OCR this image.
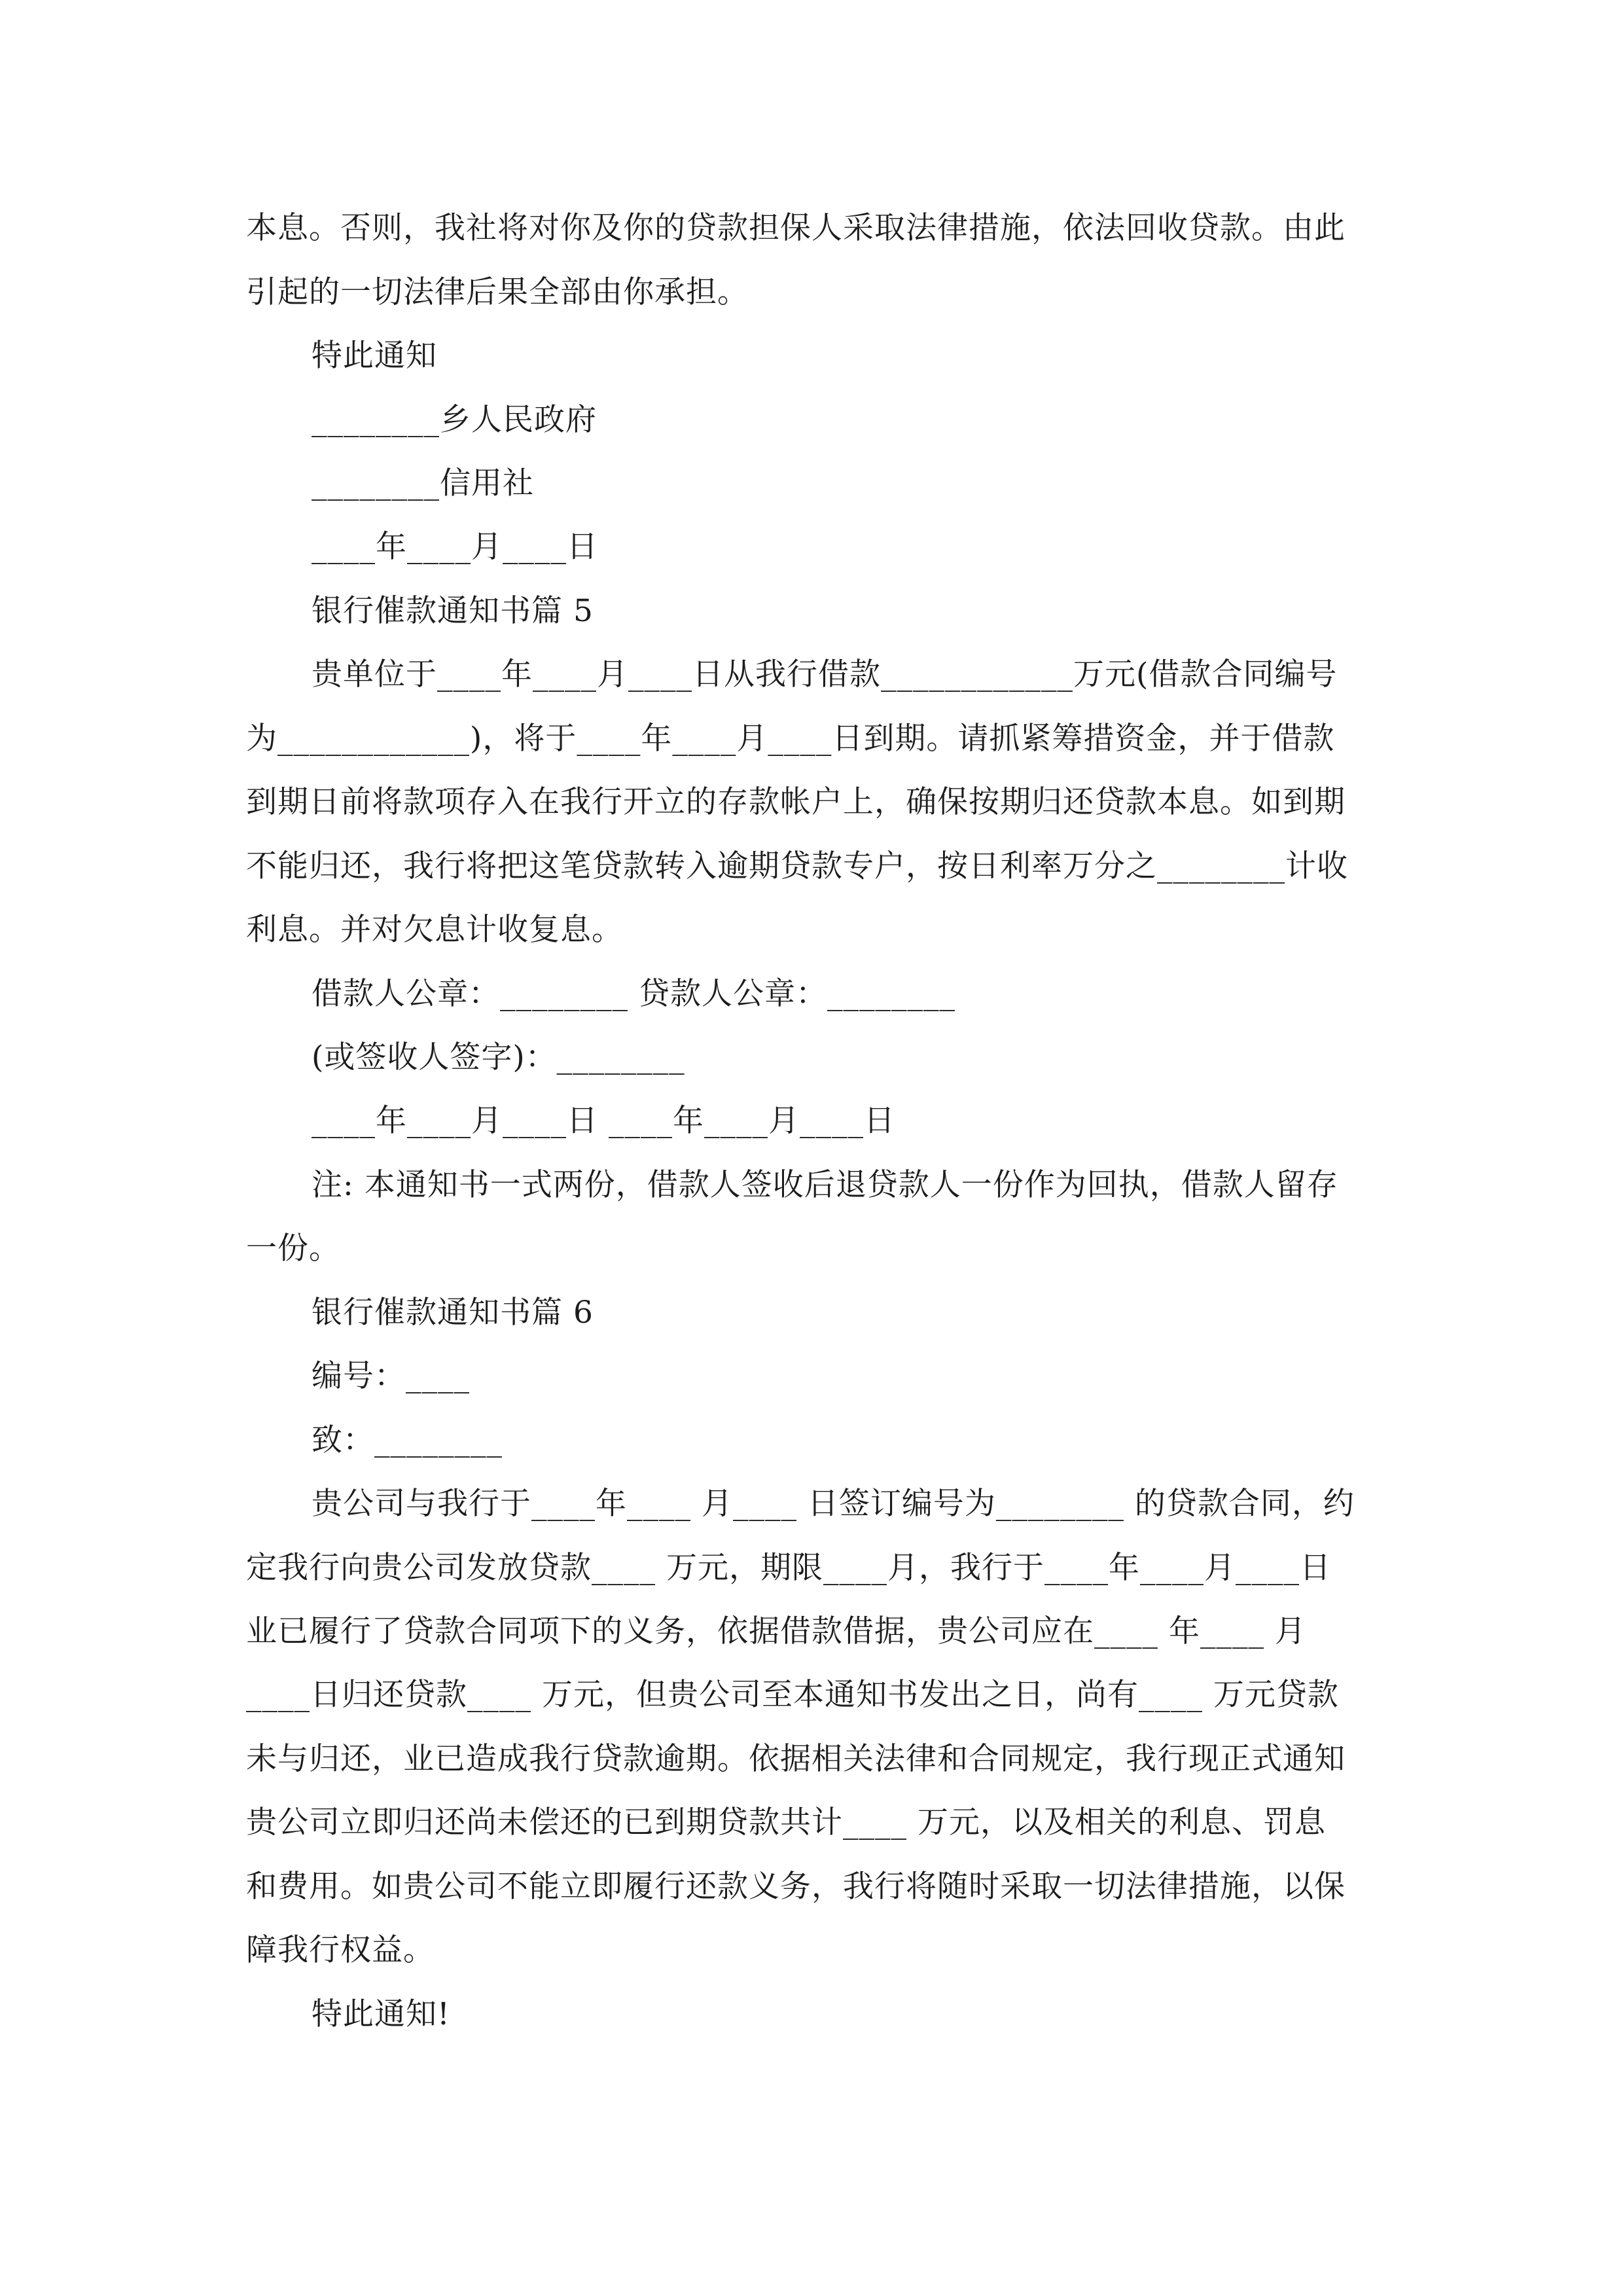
本息。否则，我社将对你及你的贷款担保人采取法律措施，依法回收贷款。由此
引起的一切法律后果全部由你承担。
特此通知
________乡人民政府
________信用社
____年____月____日
银行催款通知书篇 5
贵单位于____年____月____日从我行借款____________万元(借款合同编号
为____________)，将于____年____月____日到期。请抓紧筹措资金，并于借款
到期日前将款项存入在我行开立的存款帐户上，确保按期归还贷款本息。如到期
不能归还，我行将把这笔贷款转入逾期贷款专户，按日利率万分之________计收
利息。并对欠息计收复息。
借款人公章：________ 贷款人公章：________
(或签收人签字)：________
____年____月____日 ____年____月____日
注: 本通知书一式两份，借款人签收后退贷款人一份作为回执，借款人留存
一份。
银行催款通知书篇 6
编号：____
致：________
贵公司与我行于____年____ 月____ 日签订编号为________ 的贷款合同，约
定我行向贵公司发放贷款____ 万元，期限____月，我行于____年____月____日
业已履行了贷款合同项下的义务，依据借款借据，贵公司应在____ 年____ 月
____日归还贷款____ 万元，但贵公司至本通知书发出之日，尚有____ 万元贷款
未与归还，业已造成我行贷款逾期。依据相关法律和合同规定，我行现正式通知
贵公司立即归还尚未偿还的已到期贷款共计____ 万元，以及相关的利息、罚息
和费用。如贵公司不能立即履行还款义务，我行将随时采取一切法律措施，以保
障我行权益。
特此通知!
